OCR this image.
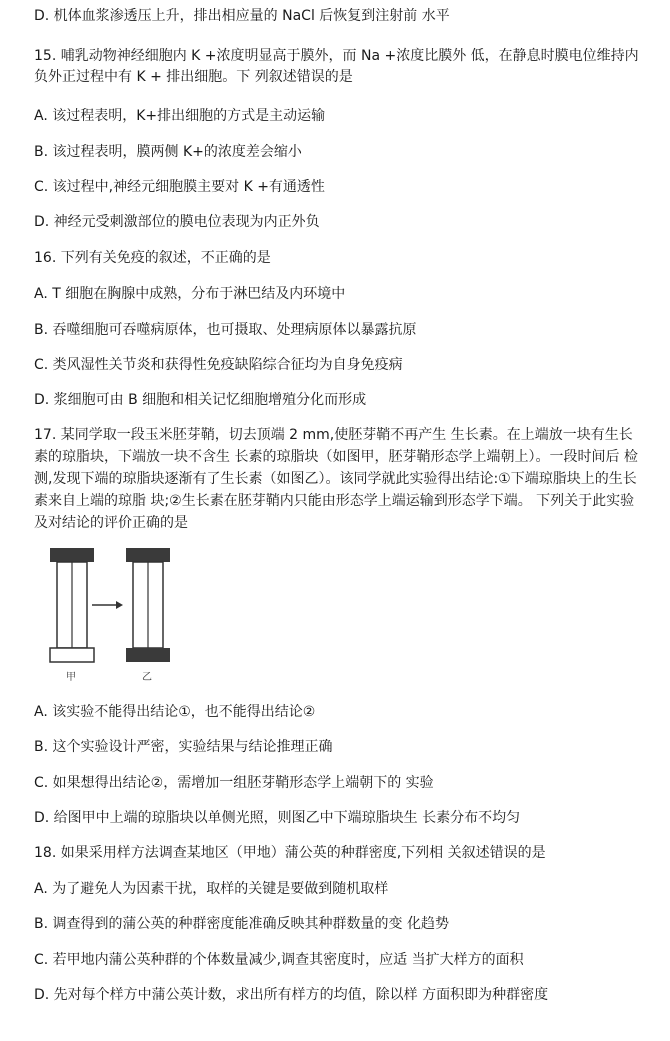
D. 机体血浆渗透压上升，排出相应量的 NaCl 后恢复到注射前 水平
15. 哺乳动物神经细胞内 K +浓度明显高于膜外，而 Na +浓度比膜外 低，在静息时膜电位维持内负外正过程中有 K + 排出细胞。下 列叙述错误的是
A. 该过程表明，K+排出细胞的方式是主动运输
B. 该过程表明，膜两侧 K+的浓度差会缩小
C. 该过程中,神经元细胞膜主要对 K +有通透性
D. 神经元受刺激部位的膜电位表现为内正外负
16. 下列有关免疫的叙述，不正确的是
A. T 细胞在胸腺中成熟，分布于淋巴结及内环境中
B. 吞噬细胞可吞噬病原体，也可摄取、处理病原体以暴露抗原
C. 类风湿性关节炎和获得性免疫缺陷综合征均为自身免疫病
D. 浆细胞可由 B 细胞和相关记忆细胞增殖分化而形成
17. 某同学取一段玉米胚芽鞘，切去顶端 2 mm,使胚芽鞘不再产生 生长素。在上端放一块有生长素的琼脂块，下端放一块不含生 长素的琼脂块（如图甲，胚芽鞘形态学上端朝上）。一段时间后 检测,发现下端的琼脂块逐渐有了生长素（如图乙）。该同学就此实验得出结论:①下端琼脂块上的生长素来自上端的琼脂 块;②生长素在胚芽鞘内只能由形态学上端运输到形态学下端。 下列关于此实验及对结论的评价正确的是
甲	乙
A. 该实验不能得出结论①，也不能得出结论②
B. 这个实验设计严密，实验结果与结论推理正确
C. 如果想得出结论②，需增加一组胚芽鞘形态学上端朝下的 实验
D. 给图甲中上端的琼脂块以单侧光照，则图乙中下端琼脂块生 长素分布不均匀
18. 如果采用样方法调查某地区（甲地）蒲公英的种群密度,下列相 关叙述错误的是
A. 为了避免人为因素干扰，取样的关键是要做到随机取样
B. 调查得到的蒲公英的种群密度能准确反映其种群数量的变 化趋势
C. 若甲地内蒲公英种群的个体数量减少,调查其密度时，应适 当扩大样方的面积
D. 先对每个样方中蒲公英计数，求出所有样方的均值，除以样 方面积即为种群密度
